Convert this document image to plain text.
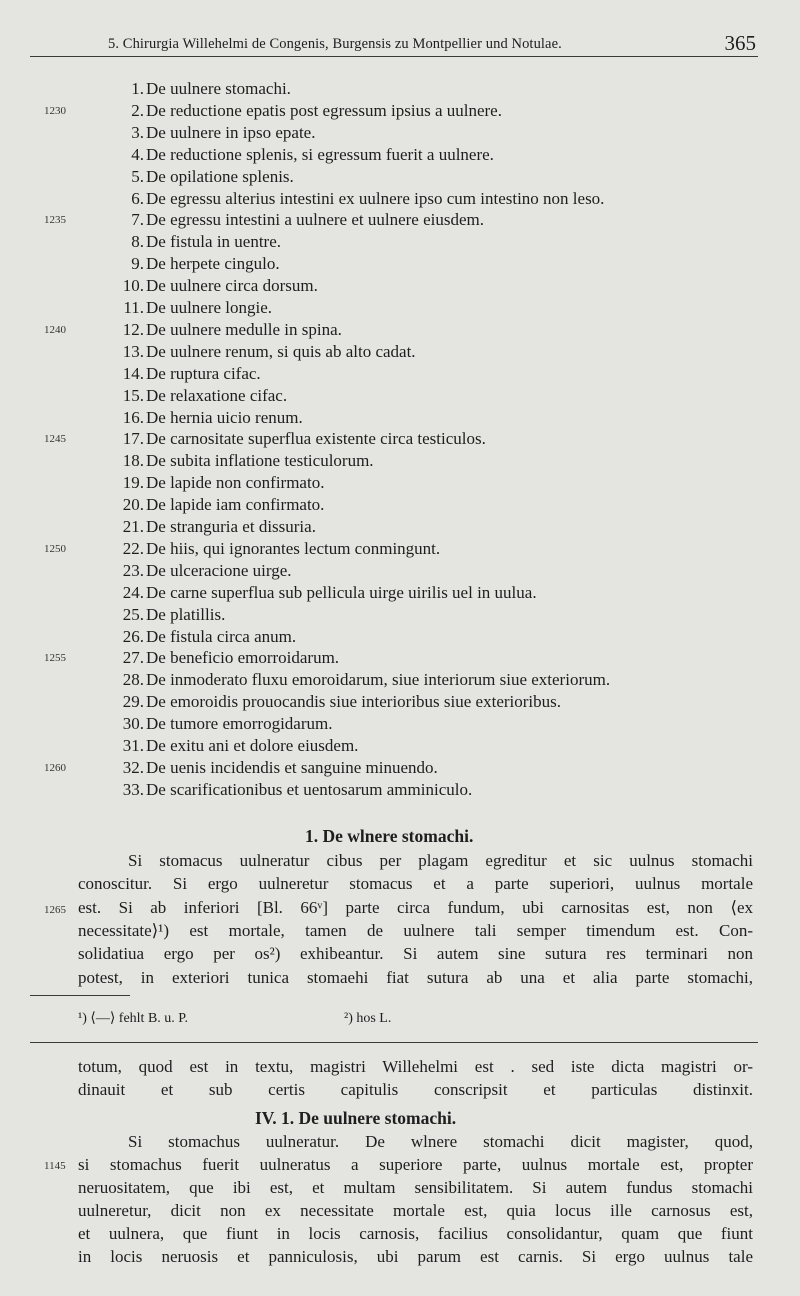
5. Chirurgia Willehelmi de Congenis, Burgensis zu Montpellier und Notulae.	365
1. De uulnere stomachi.
2. De reductione epatis post egressum ipsius a uulnere.
3. De uulnere in ipso epate.
4. De reductione splenis, si egressum fuerit a uulnere.
5. De opilatione splenis.
6. De egressu alterius intestini ex uulnere ipso cum intestino non leso.
7. De egressu intestini a uulnere et uulnere eiusdem.
8. De fistula in uentre.
9. De herpete cingulo.
10. De uulnere circa dorsum.
11. De uulnere longie.
12. De uulnere medulle in spina.
13. De uulnere renum, si quis ab alto cadat.
14. De ruptura cifac.
15. De relaxatione cifac.
16. De hernia uicio renum.
17. De carnositate superflua existente circa testiculos.
18. De subita inflatione testiculorum.
19. De lapide non confirmato.
20. De lapide iam confirmato.
21. De stranguria et dissuria.
22. De hiis, qui ignorantes lectum conmingunt.
23. De ulceracione uirge.
24. De carne superflua sub pellicula uirge uirilis uel in uulua.
25. De platillis.
26. De fistula circa anum.
27. De beneficio emorroidarum.
28. De inmoderato fluxu emoroidarum, siue interiorum siue exteriorum.
29. De emoroidis prouocandis siue interioribus siue exterioribus.
30. De tumore emorrogidarum.
31. De exitu ani et dolore eiusdem.
32. De uenis incidendis et sanguine minuendo.
33. De scarificationibus et uentosarum amminiculo.
1230
1235
1240
1245
1250
1255
1260
1. De wlnere stomachi.
Si stomacus uulneratur cibus per plagam egreditur et sic uulnus stomachi
conoscitur. Si ergo uulneretur stomacus et a parte superiori, uulnus mortale
est. Si ab inferiori [Bl. 66ᵛ] parte circa fundum, ubi carnositas est, non ⟨ex
necessitate⟩¹) est mortale, tamen de uulnere tali semper timendum est. Con-
solidatiua ergo per os²) exhibeantur. Si autem sine sutura res terminari non
potest, in exteriori tunica stomaehi fiat sutura ab una et alia parte stomachi,
1265
¹) ⟨—⟩ fehlt B. u. P.	²) hos L.
totum, quod est in textu, magistri Willehelmi est . sed iste dicta magistri or-
dinauit et sub certis capitulis conscripsit et particulas distinxit.
IV. 1. De uulnere stomachi.
Si stomachus uulneratur. De wlnere stomachi dicit magister, quod,
si stomachus fuerit uulneratus a superiore parte, uulnus mortale est, propter
neruositatem, que ibi est, et multam sensibilitatem. Si autem fundus stomachi
uulneretur, dicit non ex necessitate mortale est, quia locus ille carnosus est,
et uulnera, que fiunt in locis carnosis, facilius consolidantur, quam que fiunt
in locis neruosis et panniculosis, ubi parum est carnis. Si ergo uulnus tale
1145
